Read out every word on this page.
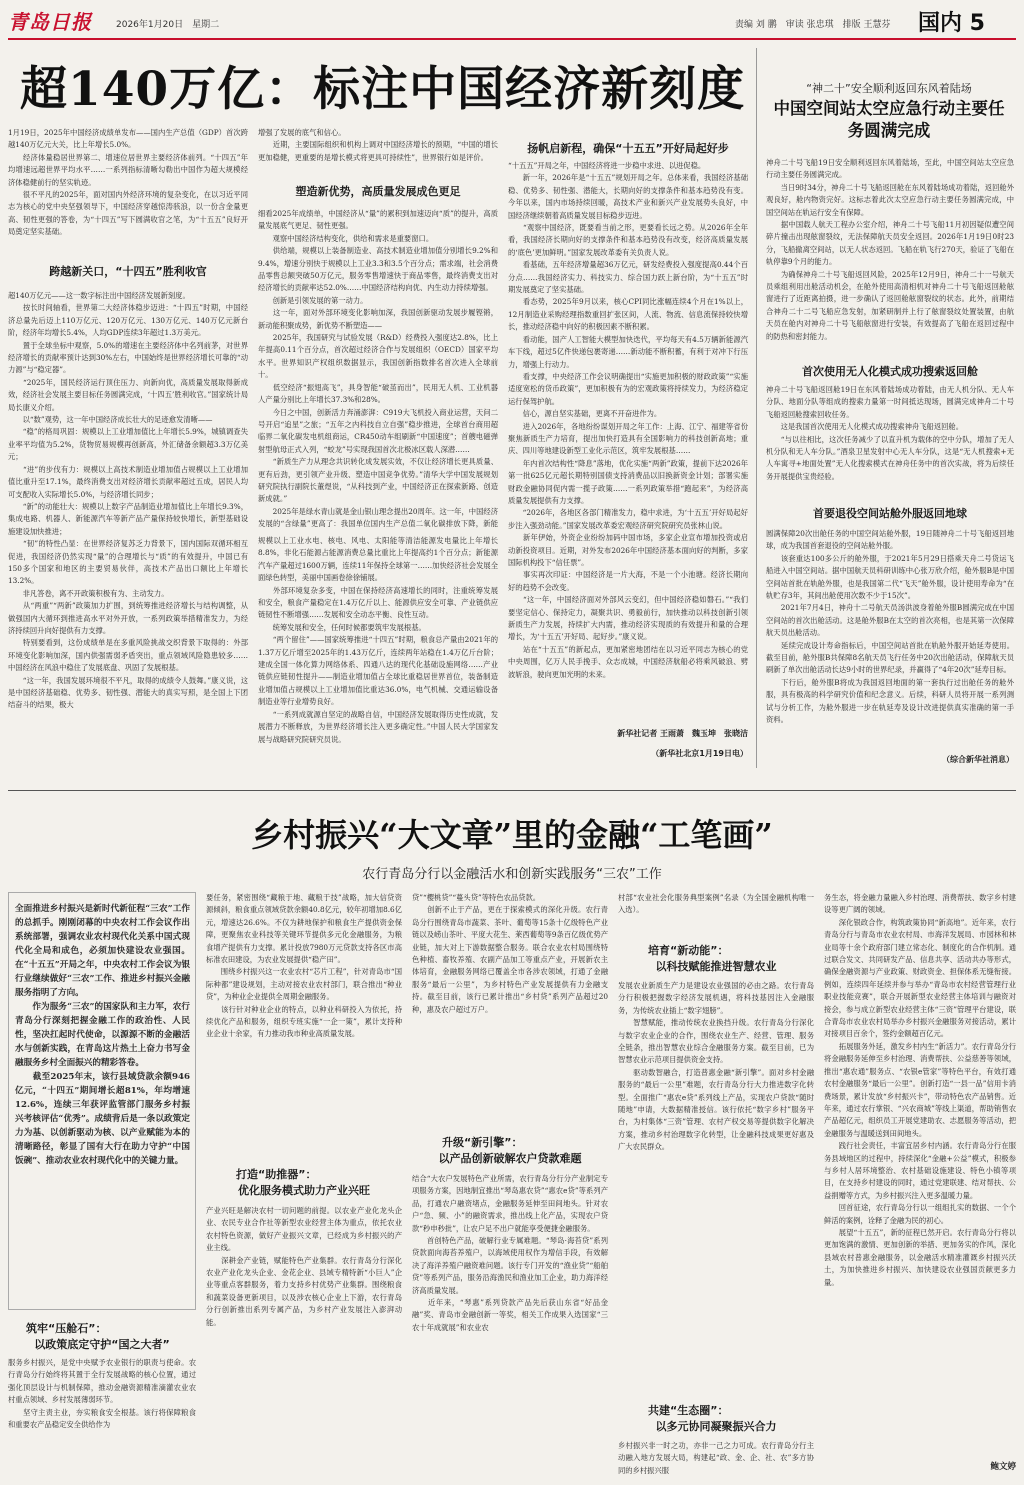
青岛日报	2026年1月20日　星期二	责编 刘 鹏　审读 张忠琪　排版 王慧芬 国内 5
超140万亿：标注中国经济新刻度
1月19日，2025年中国经济成绩单发布——国内生产总值（GDP）首次跨越140万亿元大关，比上年增长5.0%。
　　经济体量稳居世界第二、增速位居世界主要经济体前列。“十四五”年均增速远超世界平均水平……一系列指标清晰勾勒出中国作为超大规模经济体稳健前行的坚实轨迹。
　　很不平凡的2025年，面对国内外经济环境的复杂变化，在以习近平同志为核心的党中央坚强领导下，中国经济穿越惊涛骇浪，以一份含金量更高、韧性更强的答卷，为“十四五”写下圆满收官之笔，为“十五五”良好开局奠定坚实基础。
跨越新关口，“十四五”胜利收官
超140万亿元——这一数字标注出中国经济发展新刻度。
　　按长时间轴看，世界第二大经济体稳步迈进：“十四五”时期，中国经济总量先后迈上110万亿元、120万亿元、130万亿元、140万亿元新台阶，经济年均增长5.4%，人均GDP连续3年超过1.3万美元。
　　置于全球坐标中观察，5.0%的增速在主要经济体中名列前茅，对世界经济增长的贡献率预计达到30%左右，中国始终是世界经济增长可靠的“动力源”与“稳定器”。
　　“2025年，国民经济运行顶住压力、向新向优，高质量发展取得新成效，经济社会发展主要目标任务圆满完成，‘十四五’胜利收官。”国家统计局局长康义介绍。
　　以“数”观势，这一年中国经济成长壮大的足迹愈发清晰——
　　“稳”的格局巩固：规模以上工业增加值比上年增长5.9%，城镇调查失业率平均值为5.2%，货物贸易规模再创新高，外汇储备余额超3.3万亿美元；
　　“进”的步伐有力：规模以上高技术制造业增加值占规模以上工业增加值比重升至17.1%，最终消费支出对经济增长贡献率超过五成，居民人均可支配收入实际增长5.0%，与经济增长同步；
　　“新”的动能壮大：规模以上数字产品制造业增加值比上年增长9.3%，集成电路、机器人、新能源汽车等新产品产量保持较快增长，新型基础设施建设加快推进；
　　“韧”的特性凸显：在世界经济复苏乏力背景下，国内国际双循环相互促进，我国经济仍然实现“量”的合理增长与“质”的有效提升，中国已有150多个国家和地区的主要贸易伙伴，高技术产品出口额比上年增长13.2%。
　　非凡答卷，离不开政策积极有为、主动发力。
　　从“两重”“两新”政策加力扩围，到统筹推进经济增长与结构调整，从做强国内大循环到推进高水平对外开放，一系列政策举措精准发力，为经济持续回升向好提供有力支撑。
　　特别要看到，这份成绩单是在多重风险挑战交织背景下取得的：外部环境变化影响加深，国内供强需弱矛盾突出，重点领域风险隐患较多……中国经济在风浪中稳住了发展底盘、巩固了发展根基。
　　“这一年，我国发展环境很不平凡，取得的成绩令人鼓舞。”康义说，这是中国经济基础稳、优势多、韧性强、潜能大的真实写照，是全国上下团结奋斗的结果，极大
增强了发展的底气和信心。
　　近期，主要国际组织和机构上调对中国经济增长的预期，“中国的增长更加稳健，更重要的是增长模式将更具可持续性”，世界银行如是评价。
塑造新优势，高质量发展成色更足
细看2025年成绩单，中国经济从“量”的累积到加速迈向“质”的提升，高质量发展底气更足、韧性更强。
　　观察中国经济结构变化，供给和需求是重要窗口。
　　供给端，规模以上装备制造业、高技术制造业增加值分别增长9.2%和9.4%，增速分别快于规模以上工业3.3和3.5个百分点；需求端，社会消费品零售总额突破50万亿元，服务零售增速快于商品零售，最终消费支出对经济增长的贡献率达52.0%……中国经济结构向优、内生动力持续增强。
　　创新是引领发展的第一动力。
　　这一年，面对外部环境变化影响加深，我国创新驱动发展步履铿锵，新动能积聚成势，新优势不断塑造——
　　2025年，我国研究与试验发展（R&D）经费投入强度达2.8%，比上年提高0.11个百分点，首次超过经济合作与发展组织（OECD）国家平均水平。世界知识产权组织数据显示，我国创新指数排名首次进入全球前十。
　　低空经济“振翅高飞”，具身智能“破茧而出”，民用无人机、工业机器人产量分别比上年增长37.3%和28%。
　　今日之中国，创新活力奔涌澎湃：C919大飞机投入商业运营，天问二号开启“追星”之旅；“五年之内科技自立自强”稳步推进，全球首台商用超临界二氧化碳发电机组商运，CR450动车组刷新“中国速度”；首艘电磁弹射型航母正式入列，“蛟龙”号实现我国首次北极冰区载人深潜……
　　“新质生产力从理念共识转化成发展实效，不仅让经济增长更具质量、更有后劲，更引领产业升级、塑造中国竞争优势。”清华大学中国发展规划研究院执行副院长董煜说，“从科技到产业，中国经济正在探索新路、创造新成就。”
　　2025年是绿水青山就是金山银山理念提出20周年。这一年，中国经济发展的“含绿量”更高了：我国单位国内生产总值二氧化碳排放下降，新能
规模以上工业水电、核电、风电、太阳能等清洁能源发电量比上年增长8.8%，非化石能源占能源消费总量比重比上年提高约1个百分点；新能源汽车产量超过1600万辆，连续11年保持全球第一……加快经济社会发展全面绿色转型，美丽中国画卷徐徐铺展。
　　外部环境复杂多变，中国在保持经济高速增长的同时，注重统筹发展和安全，粮食产量稳定在1.4万亿斤以上、能源供应安全可靠、产业链供应链韧性不断增强……发展和安全动态平衡、良性互动。
　　统筹发展和安全，任何时候都要筑牢发展根基。
　　“两个留住”——国家统筹推进“十四五”时期，粮食总产量由2021年的1.37万亿斤增至2025年的1.43万亿斤，连续两年站稳在1.4万亿斤台阶；建成全国一体化算力网络体系、四通八达的现代化基础设施网络……产业链供应链韧性提升——制造业增加值占全球比重稳居世界首位，装备制造业增加值占规模以上工业增加值比重达36.0%，电气机械、交通运输设备制造业等行业增势良好。
　　“一系列成就源自坚定的战略自信，中国经济发展取得历史性成就，发展潜力不断释放，为世界经济增长注入更多确定性。”中国人民大学国家发展与战略研究院研究员说。
扬帆启新程，确保“十五五”开好局起好步
“十五五”开局之年，中国经济将进一步稳中求进、以进促稳。
　　新一年，2026年是“十五五”规划开局之年。总体来看，我国经济基础稳、优势多、韧性强、潜能大，长期向好的支撑条件和基本趋势没有变。今年以来，国内市场持续回暖，高技术产业和新兴产业发展势头良好，中国经济继续朝着高质量发展目标稳步迈进。
　　“观察中国经济，既要看当前之形，更要看长远之势。从2026年全年看，我国经济长期向好的支撑条件和基本趋势没有改变，经济高质量发展的‘底色’更加鲜明。”国家发展改革委有关负责人说。
　　看基础，五年经济增量超36万亿元，研发经费投入强度提高0.44个百分点……我国经济实力、科技实力、综合国力跃上新台阶，为“十五五”时期发展奠定了坚实基础。
　　看态势，2025年9月以来，核心CPI同比涨幅连续4个月在1%以上，12月制造业采购经理指数重回扩张区间，人流、物流、信息流保持较快增长，推动经济稳中向好的积极因素不断积累。
　　看动能，国产人工智能大模型加快迭代，平均每天有4.5万辆新能源汽车下线，超过5亿件快递包裹寄递……新动能不断积蓄，有利于对冲下行压力，增强上行动力。
　　看支撑，中央经济工作会议明确提出“实施更加积极的财政政策”“实施适度宽松的货币政策”，更加积极有为的宏观政策将持续发力，为经济稳定运行保驾护航。
　　信心，源自坚实基础，更离不开奋进作为。
　　进入2026年，各地纷纷谋划开局之年工作：上海、江宁、福建等省份聚焦新质生产力培育，提出加快打造具有全国影响力的科技创新高地；重庆、四川等地建设新型工业化示范区，筑牢发展根基……
　　年内首次结构性“降息”落地，优化实施“两新”政策，提前下达2026年第一批625亿元超长期特别国债支持消费品以旧换新资金计划；部署实施财政金融协同促内需一揽子政策……一系列政策举措“跑起来”，为经济高质量发展提供有力支撑。
　　“2026年，各地区各部门精准发力，稳中求进，为‘十五五’开好局起好步注入强劲动能。”国家发展改革委宏观经济研究院研究员张林山说。
　　新年伊始，外资企业纷纷加码中国市场，多家企业宣布增加投资或启动新投资项目。近期，对外发布2026年中国经济基本面向好的判断，多家国际机构投下“信任票”。
　　事实再次印证：中国经济是一片大海，不是一个小池塘。经济长期向好的趋势不会改变。
　　“这一年，中国经济面对外部风云变幻，但中国经济稳如磐石。”“我们要坚定信心、保持定力，凝聚共识、勇毅前行，加快推动以科技创新引领新质生产力发展，持续扩大内需，推动经济实现质的有效提升和量的合理增长，为‘十五五’开好局、起好步。”康义说。
　　站在“十五五”的新起点，更加紧密地团结在以习近平同志为核心的党中央周围，亿万人民手挽手、众志成城，中国经济航船必将乘风破浪、劈波斩浪，驶向更加光明的未来。
新华社记者 王雨萧　魏玉坤　张晓洁
（新华社北京1月19日电）
“神二十”安全顺利返回东风着陆场
中国空间站太空应急行动主要任务圆满完成
神舟二十号飞船19日安全顺利返回东风着陆场，至此，中国空间站太空应急行动主要任务圆满完成。
　　当日9时34分，神舟二十号飞船返回舱在东风着陆场成功着陆，返回舱外观良好，舱内物资完好。这标志着此次太空应急行动主要任务圆满完成，中国空间站在轨运行安全有保障。
　　据中国载人航天工程办公室介绍，神舟二十号飞船11月初因疑似遭空间碎片撞击出现舷窗裂纹，无法保障航天员安全返回。2026年1月19日0时23分，飞船撤离空间站，以无人状态返回。飞船在轨飞行270天，验证了飞船在轨停靠9个月的能力。
　　为确保神舟二十号飞船返回风险，2025年12月9日，神舟二十一号航天员乘组利用出舱活动机会，在舱外使用高清相机对神舟二十号飞船返回舱舷窗进行了近距离拍摄，进一步确认了返回舱舷窗裂纹的状态。此外，前期结合神舟二十二号飞船应急发射，加紧研制并上行了舷窗裂纹处置装置，由航天员在舱内对神舟二十号飞船舷窗进行安装，有效提高了飞船在返回过程中的防热和密封能力。
首次使用无人化模式成功搜索返回舱
神舟二十号飞船返回舱19日在东风着陆场成功着陆，由无人机分队、无人车分队、地面分队等组成的搜索力量第一时间抵达现场，圆满完成神舟二十号飞船返回舱搜索回收任务。
　　这是我国首次使用无人化模式成功搜索神舟飞船返回舱。
　　“与以往相比，这次任务减少了以直升机为载体的空中分队，增加了无人机分队和无人车分队。”酒泉卫星发射中心无人车分队，这是“无人机搜索+无人车寓寻+地面处置”无人化搜索模式在神舟任务中的首次实战，将为后续任务开展提供宝贵经验。
首要退役空间站舱外服返回地球
圆满保障20次出舱任务的中国空间站舱外服，19日随神舟二十号飞船返回地球，成为我国首套退役的空间站舱外服。
　　该套重达100多公斤的舱外服，于2021年5月29日搭乘天舟二号货运飞船进入中国空间站。据中国航天员科研训练中心张万欣介绍，舱外服B是中国空间站首批在轨舱外服，也是我国第二代“飞天”舱外服，设计使用寿命为“在轨贮存3年，其间出舱使用次数不少于15次”。
　　2021年7月4日，神舟十二号航天员汤洪波身着舱外服B圆满完成在中国空间站的首次出舱活动。这是舱外服B在太空的首次亮相，也是其第一次保障航天员出舱活动。
　　延续完成设计寿命指标后，中国空间站首批在轨舱外服开始延寿使用。截至目前，舱外服B共保障8名航天员飞行任务中20次出舱活动，保障航天员刷新了单次出舱活动长达9小时的世界纪录，并赢得了“4年20次”延寿目标。
　　下行后，舱外服B将成为我国返回地面的第一套执行过出舱任务的舱外服，具有极高的科学研究价值和纪念意义。后续，科研人员将开展一系列测试与分析工作，为舱外服进一步在轨延寿及设计改进提供真实准确的第一手资料。
（综合新华社消息）
乡村振兴“大文章”里的金融“工笔画”
农行青岛分行以金融活水和创新实践服务“三农”工作
全面推进乡村振兴是新时代新征程“三农”工作的总抓手。刚刚闭幕的中央农村工作会议作出系统部署，强调农业农村现代化关系中国式现代化全局和成色，必须加快建设农业强国。在“十五五”开局之年，中央农村工作会议为银行业继续做好“三农”工作、推进乡村振兴金融服务指明了方向。
　　作为服务“三农”的国家队和主力军，农行青岛分行深刻把握金融工作的政治性、人民性，坚决扛起时代使命，以源源不断的金融活水与创新实践，在青岛这片热土上奋力书写金融服务乡村全面振兴的精彩答卷。
　　截至2025年末，该行县域贷款余额946亿元，“十四五”期间增长超81%，年均增速12.6%，连续三年获评监管部门服务乡村振兴考核评估“优秀”。成绩背后是一条以政策定力为基、以创新驱动为核、以产业赋能为本的清晰路径，彰显了国有大行在助力守护“中国饭碗”、推动农业农村现代化中的关键力量。
筑牢“压舱石”：
以政策底定守护“国之大者”
服务乡村振兴，是党中央赋予农业银行的职责与使命。农行青岛分行始终将其置于全行发展战略的核心位置，通过强化顶层设计与机制保障，推动金融资源精准滴灌农业农村重点领域、乡村发展薄弱环节。
　　坚守主责主业，夯实粮食安全根基。该行将保障粮食和重要农产品稳定安全供给作为
要任务，紧密围绕“藏粮于地、藏粮于技”战略，加大信贷资源倾斜，粮食重点领域贷款余额40.8亿元，较年初增加8.6亿元，增速达26.6%。不仅为耕地保护和粮食生产提供资金保障，更聚焦农业科技等关键环节提供多元化金融服务，为粮食增产提供有力支撑。累计投放7980万元贷款支持各区市高标准农田建设，为农业发展提供“稳产田”。
　　围绕乡村振兴这一农业农村“芯片工程”，针对青岛市“国际种都”建设规划，主动对接农业农村部门，联合推出“种业贷”，为种业企业提供全周期金融服务。
　　该行针对种业企业的特点，以种业科研投入为依托，持续优化产品和服务，组织专班实施“一企一策”，累计支持种业企业十余家，有力推动我市种业高质量发展。
打造“助推器”：
优化服务模式助力产业兴旺
产业兴旺是解决农村一切问题的前提。以农业产业化龙头企业、农民专业合作社等新型农业经营主体为重点，依托农业农村特色资源，做好产业振兴文章，已经成为乡村振兴的产业主线。
　　深耕金产业链，赋能特色产业集群。农行青岛分行深化农业产业化龙头企业、金花企业、县域专精特新“小巨人”企业等重点客群服务，着力支持乡村优势产业集群。围绕粮食和蔬菜设备更新项目，以及涉农核心企业上下游，农行青岛分行创新推出系列专属产品，为乡村产业发展注入澎湃动能。
贷”“樱桃贷”“蔓头贷”等特色农品贷款。
　　创新不止于产品，更在于探索模式的深化升级。农行青岛分行围绕青岛市蔬菜、茶叶、葡萄等15条十亿级特色产业链以及崂山茶叶、平度大花生、莱西葡萄等9条百亿级优势产业链，加大对上下游数据整合服务。联合农业农村局围绕特色种植、畜牧养殖、农副产品加工等重点产业，开展新农主体培育，金融服务网络已覆盖全市各涉农领域，打通了金融服务“最后一公里”，为乡村特色产业发展提供有力金融支持。截至目前，该行已累计推出“乡村贷”系列产品超过20种，惠及农户超过万户。
升级“新引擎”：
以产品创新破解农户贷款难题
结合“大农户发展特色产业所需，农行青岛分行分产业制定专项服务方案，因地制宜推出“琴岛惠农贷”“惠农e贷”等系列产品，打通农户融资堵点，金融服务延伸至田间地头。针对农户“急、频、小”的融资需求，推出线上化产品，实现农户贷款“秒申秒批”，让农户足不出户就能享受便捷金融服务。
　　首创特色产品，破解行业专属难题。“琴岛·海苔贷”系列贷款面向海苔养殖户，以海域使用权作为增信手段，有效解决了海洋养殖户融资难问题。该行专门开发的“渔业贷”“船舶贷”等系列产品，服务沿海渔民和渔业加工企业，助力海洋经济高质量发展。
　　近年来，“琴惠”系列贷款产品先后获山东省“好品金融”奖、青岛市金融创新一等奖，相关工作成果入选国家“三农十年成就展”和农业农
村部“农业社会化服务典型案例”名录（为全国金融机构唯一入选）。
培育“新动能”：
以科技赋能推进智慧农业
发展农业新质生产力是建设农业强国的必由之路。农行青岛分行积极把握数字经济发展机遇，将科技基因注入金融服务，为传统农业插上“数字翅膀”。
　　智慧赋能，推动传统农业换挡升级。农行青岛分行深化与数字农业企业的合作，围绕农业生产、经营、管理、服务全链条，推出智慧农业综合金融服务方案。截至目前，已为智慧农业示范项目提供资金支持。
　　驱动数智融合，打造普惠金融“新引擎”。面对乡村金融服务的“最后一公里”难题，农行青岛分行大力推进数字化转型。全面推广“惠农e贷”系列线上产品，实现农户贷款“随时随地”申请，大数据精准授信。该行依托“数字乡村”服务平台，为村集体“三资”管理、农村产权交易等提供数字化解决方案，推动乡村治理数字化转型，让金融科技成果更好惠及广大农民群众。
共建“生态圈”：
以多元协同凝聚振兴合力
乡村振兴非一时之功，亦非一己之力可成。农行青岛分行主动融入地方发展大局，构建起“政、金、企、社、农”多方协同的乡村振兴服
务生态，将金融力量融入乡村治理、消费帮扶、数字乡村建设等更广阔的领域。
　　深化银政合作，构筑政策协同“新高地”。近年来，农行青岛分行与青岛市农业农村局、市海洋发展局、市园林和林业局等十余个政府部门建立常态化、制度化的合作机制。通过联合发文、共同研发产品、信息共享、活动共办等形式，确保金融资源与产业政策、财政资金、担保体系无缝衔接。例如，连续四年延续并参与举办“青岛市农村经营管理行业职业技能竞赛”，联合开展新型农业经营主体培训与融资对接会，参与成立新型农业经营主体“三资”管理平台建设，联合青岛市农业农村局举办乡村振兴金融服务对接活动，累计对接项目百余个，签约金额超百亿元。
　　拓展服务外延，激发乡村内生“新活力”。农行青岛分行将金融服务延伸至乡村治理、消费帮扶、公益慈善等领域，推出“惠农通”服务点、“农银e管家”等特色平台，有效打通农村金融服务“最后一公里”。创新打造“一县一品”信用卡消费场景，累计发放“乡村振兴卡”，带动特色农产品销售。近年来，通过农行掌银、“兴农商城”等线上渠道，帮助销售农产品超亿元，组织员工开展党建助农、志愿服务等活动，把金融服务与温暖送到田间地头。
　　践行社会责任，丰富宜居乡村内涵。农行青岛分行在服务县域地区的过程中，持续深化“金融+公益”模式，积极参与乡村人居环境整治、农村基础设施建设、特色小镇等项目，在支持乡村建设的同时，通过党建联建、结对帮扶、公益捐赠等方式，为乡村振兴注入更多温暖力量。
　　回首征途，农行青岛分行以一组组扎实的数据、一个个鲜活的案例，诠释了金融为民的初心。
　　展望“十五五”，新的征程已然开启。农行青岛分行将以更加饱满的激情、更加创新的举措、更加务实的作风，深化县域农村普惠金融服务，以金融活水精准灌溉乡村振兴沃土，为加快推进乡村振兴、加快建设农业强国贡献更多力量。
鲍文婷
